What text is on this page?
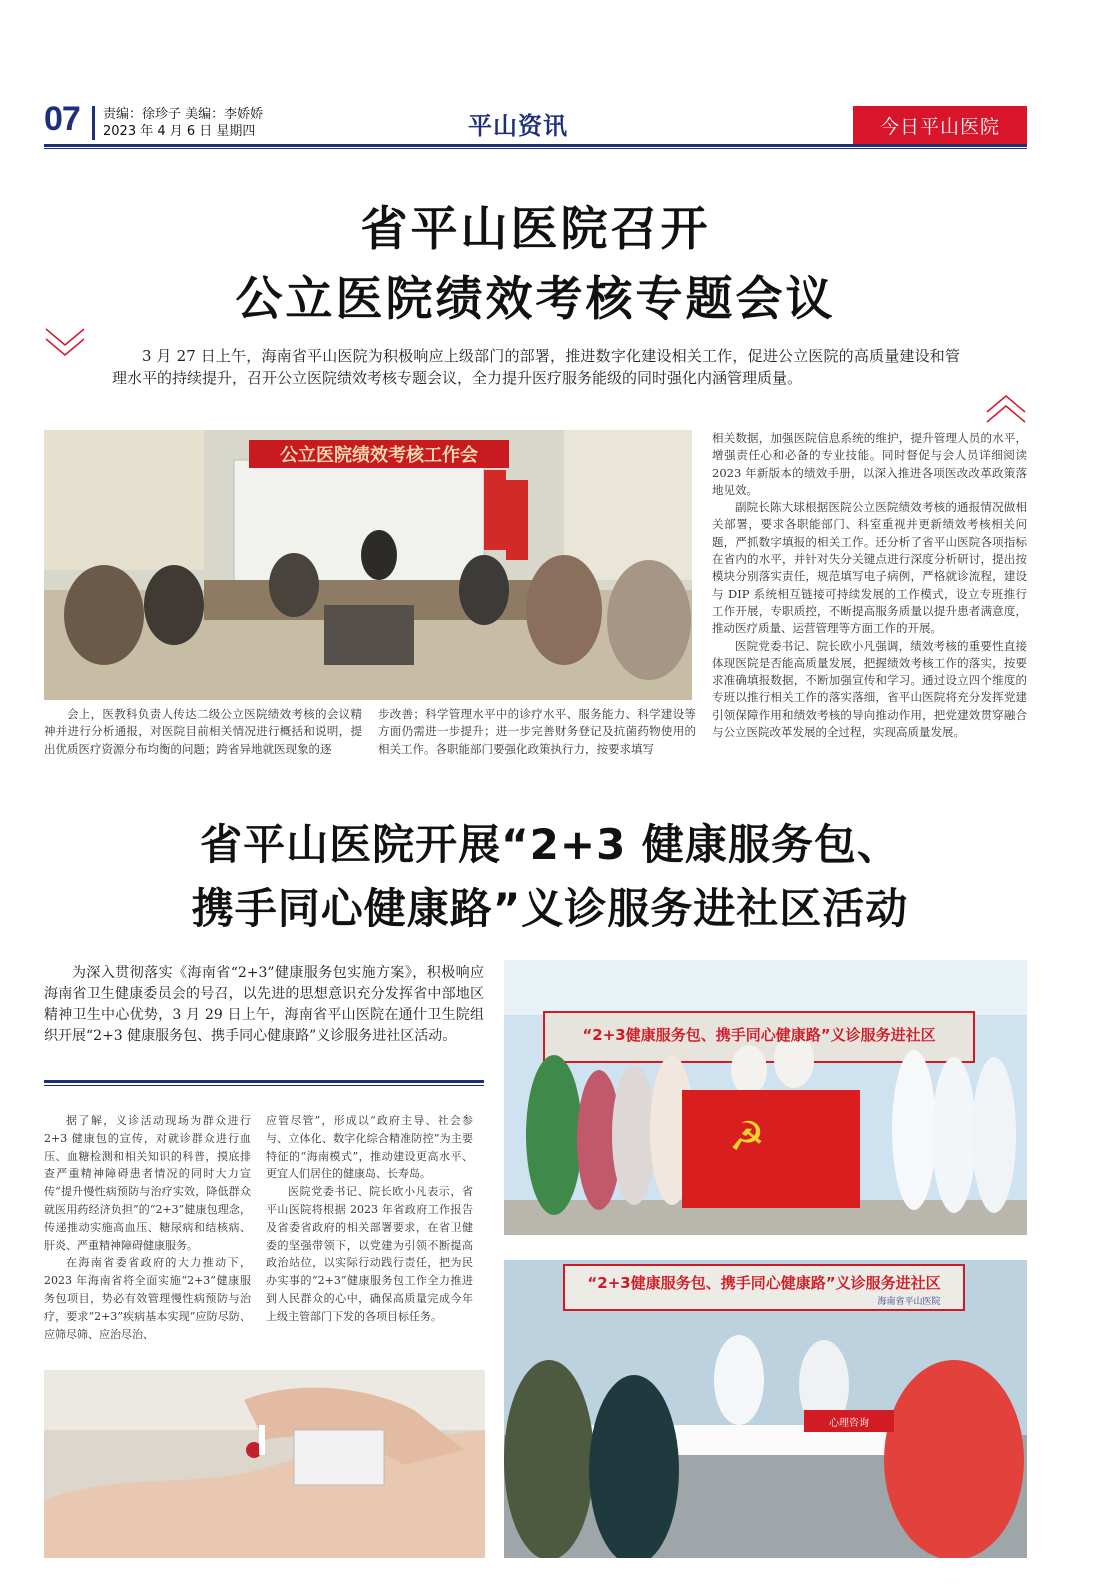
07 责编：徐珍子 美编：李娇娇
2023 年 4 月 6 日 星期四	平山资讯	今日平山医院
省平山医院召开
公立医院绩效考核专题会议
3 月 27 日上午，海南省平山医院为积极响应上级部门的部署，推进数字化建设相关工作，促进公立医院的高质量建设和管理水平的持续提升，召开公立医院绩效考核专题会议，全力提升医疗服务能级的同时强化内涵管理质量。
公立医院绩效考核工作会
会上，医教科负责人传达二级公立医院绩效考核的会议精神并进行分析通报，对医院目前相关情况进行概括和说明，提出优质医疗资源分布均衡的问题；跨省异地就医现象的逐
步改善；科学管理水平中的诊疗水平、服务能力、科学建设等方面仍需进一步提升；进一步完善财务登记及抗菌药物使用的相关工作。各职能部门要强化政策执行力，按要求填写
相关数据，加强医院信息系统的维护，提升管理人员的水平，增强责任心和必备的专业技能。同时督促与会人员详细阅读 2023 年新版本的绩效手册，以深入推进各项医改改革政策落地见效。
副院长陈大球根据医院公立医院绩效考核的通报情况做相关部署，要求各职能部门、科室重视并更新绩效考核相关问题，严抓数字填报的相关工作。还分析了省平山医院各项指标在省内的水平，并针对失分关键点进行深度分析研讨，提出按模块分别落实责任，规范填写电子病例，严格就诊流程，建设与 DIP 系统相互链接可持续发展的工作模式，设立专班推行工作开展，专职质控，不断提高服务质量以提升患者满意度，推动医疗质量、运营管理等方面工作的开展。
医院党委书记、院长欧小凡强调，绩效考核的重要性直接体现医院是否能高质量发展，把握绩效考核工作的落实，按要求准确填报数据，不断加强宣传和学习。通过设立四个维度的专班以推行相关工作的落实落细，省平山医院将充分发挥党建引领保障作用和绩效考核的导向推动作用，把党建效贯穿融合与公立医院改革发展的全过程，实现高质量发展。
省平山医院开展“2+3 健康服务包、
携手同心健康路”义诊服务进社区活动
为深入贯彻落实《海南省“2+3”健康服务包实施方案》，积极响应海南省卫生健康委员会的号召，以先进的思想意识充分发挥省中部地区精神卫生中心优势，3 月 29 日上午，海南省平山医院在通什卫生院组织开展“2+3 健康服务包、携手同心健康路”义诊服务进社区活动。
据了解，义诊活动现场为群众进行 2+3 健康包的宣传，对就诊群众进行血压、血糖检测和相关知识的科普，摸底排查严重精神障碍患者情况的同时大力宣传“提升慢性病预防与治疗实效，降低群众就医用药经济负担”的“2+3”健康包理念，传递推动实施高血压、糖尿病和结核病、肝炎、严重精神障碍健康服务。
在海南省委省政府的大力推动下，2023 年海南省将全面实施“2+3”健康服务包项目，势必有效管理慢性病预防与治疗，要求“2+3”疾病基本实现“应防尽防、应筛尽筛、应治尽治、
应管尽管”，形成以“政府主导、社会参与、立体化、数字化综合精准防控”为主要特征的“海南模式”，推动建设更高水平、更宜人们居住的健康岛、长寿岛。
医院党委书记、院长欧小凡表示，省平山医院将根据 2023 年省政府工作报告及省委省政府的相关部署要求，在省卫健委的坚强带领下，以党建为引领不断提高政治站位，以实际行动践行责任，把为民办实事的“2+3”健康服务包工作全力推进到人民群众的心中，确保高质量完成今年上级主管部门下发的各项目标任务。
☭
“2+3健康服务包、携手同心健康路”义诊服务进社区
“2+3健康服务包、携手同心健康路”义诊服务进社区
海南省平山医院
心理咨询
